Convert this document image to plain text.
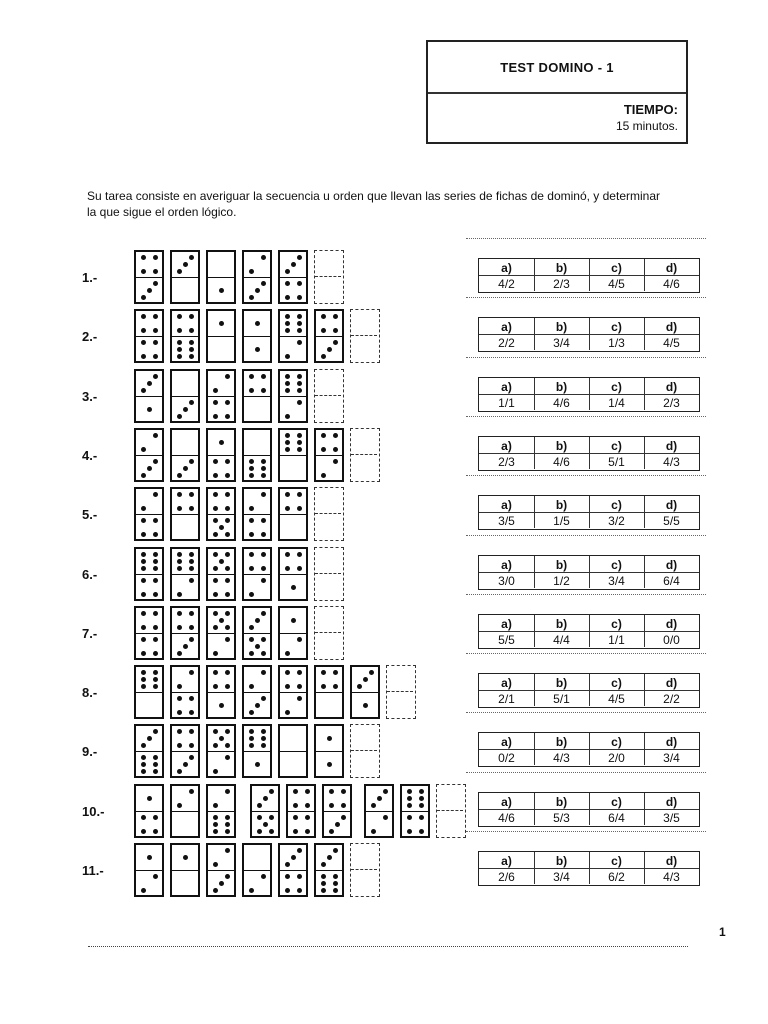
TEST DOMINO - 1
TIEMPO:
15 minutos.
Su tarea consiste en averiguar la secuencia u orden que llevan las series de fichas de dominó, y determinar la que sigue el orden lógico.
1.-
a)
4/2
b)
2/3
c)
4/5
d)
4/6
2.-
a)
2/2
b)
3/4
c)
1/3
d)
4/5
3.-
a)
1/1
b)
4/6
c)
1/4
d)
2/3
4.-
a)
2/3
b)
4/6
c)
5/1
d)
4/3
5.-
a)
3/5
b)
1/5
c)
3/2
d)
5/5
6.-
a)
3/0
b)
1/2
c)
3/4
d)
6/4
7.-
a)
5/5
b)
4/4
c)
1/1
d)
0/0
8.-
a)
2/1
b)
5/1
c)
4/5
d)
2/2
9.-
a)
0/2
b)
4/3
c)
2/0
d)
3/4
10.-
a)
4/6
b)
5/3
c)
6/4
d)
3/5
11.-
a)
2/6
b)
3/4
c)
6/2
d)
4/3
1
